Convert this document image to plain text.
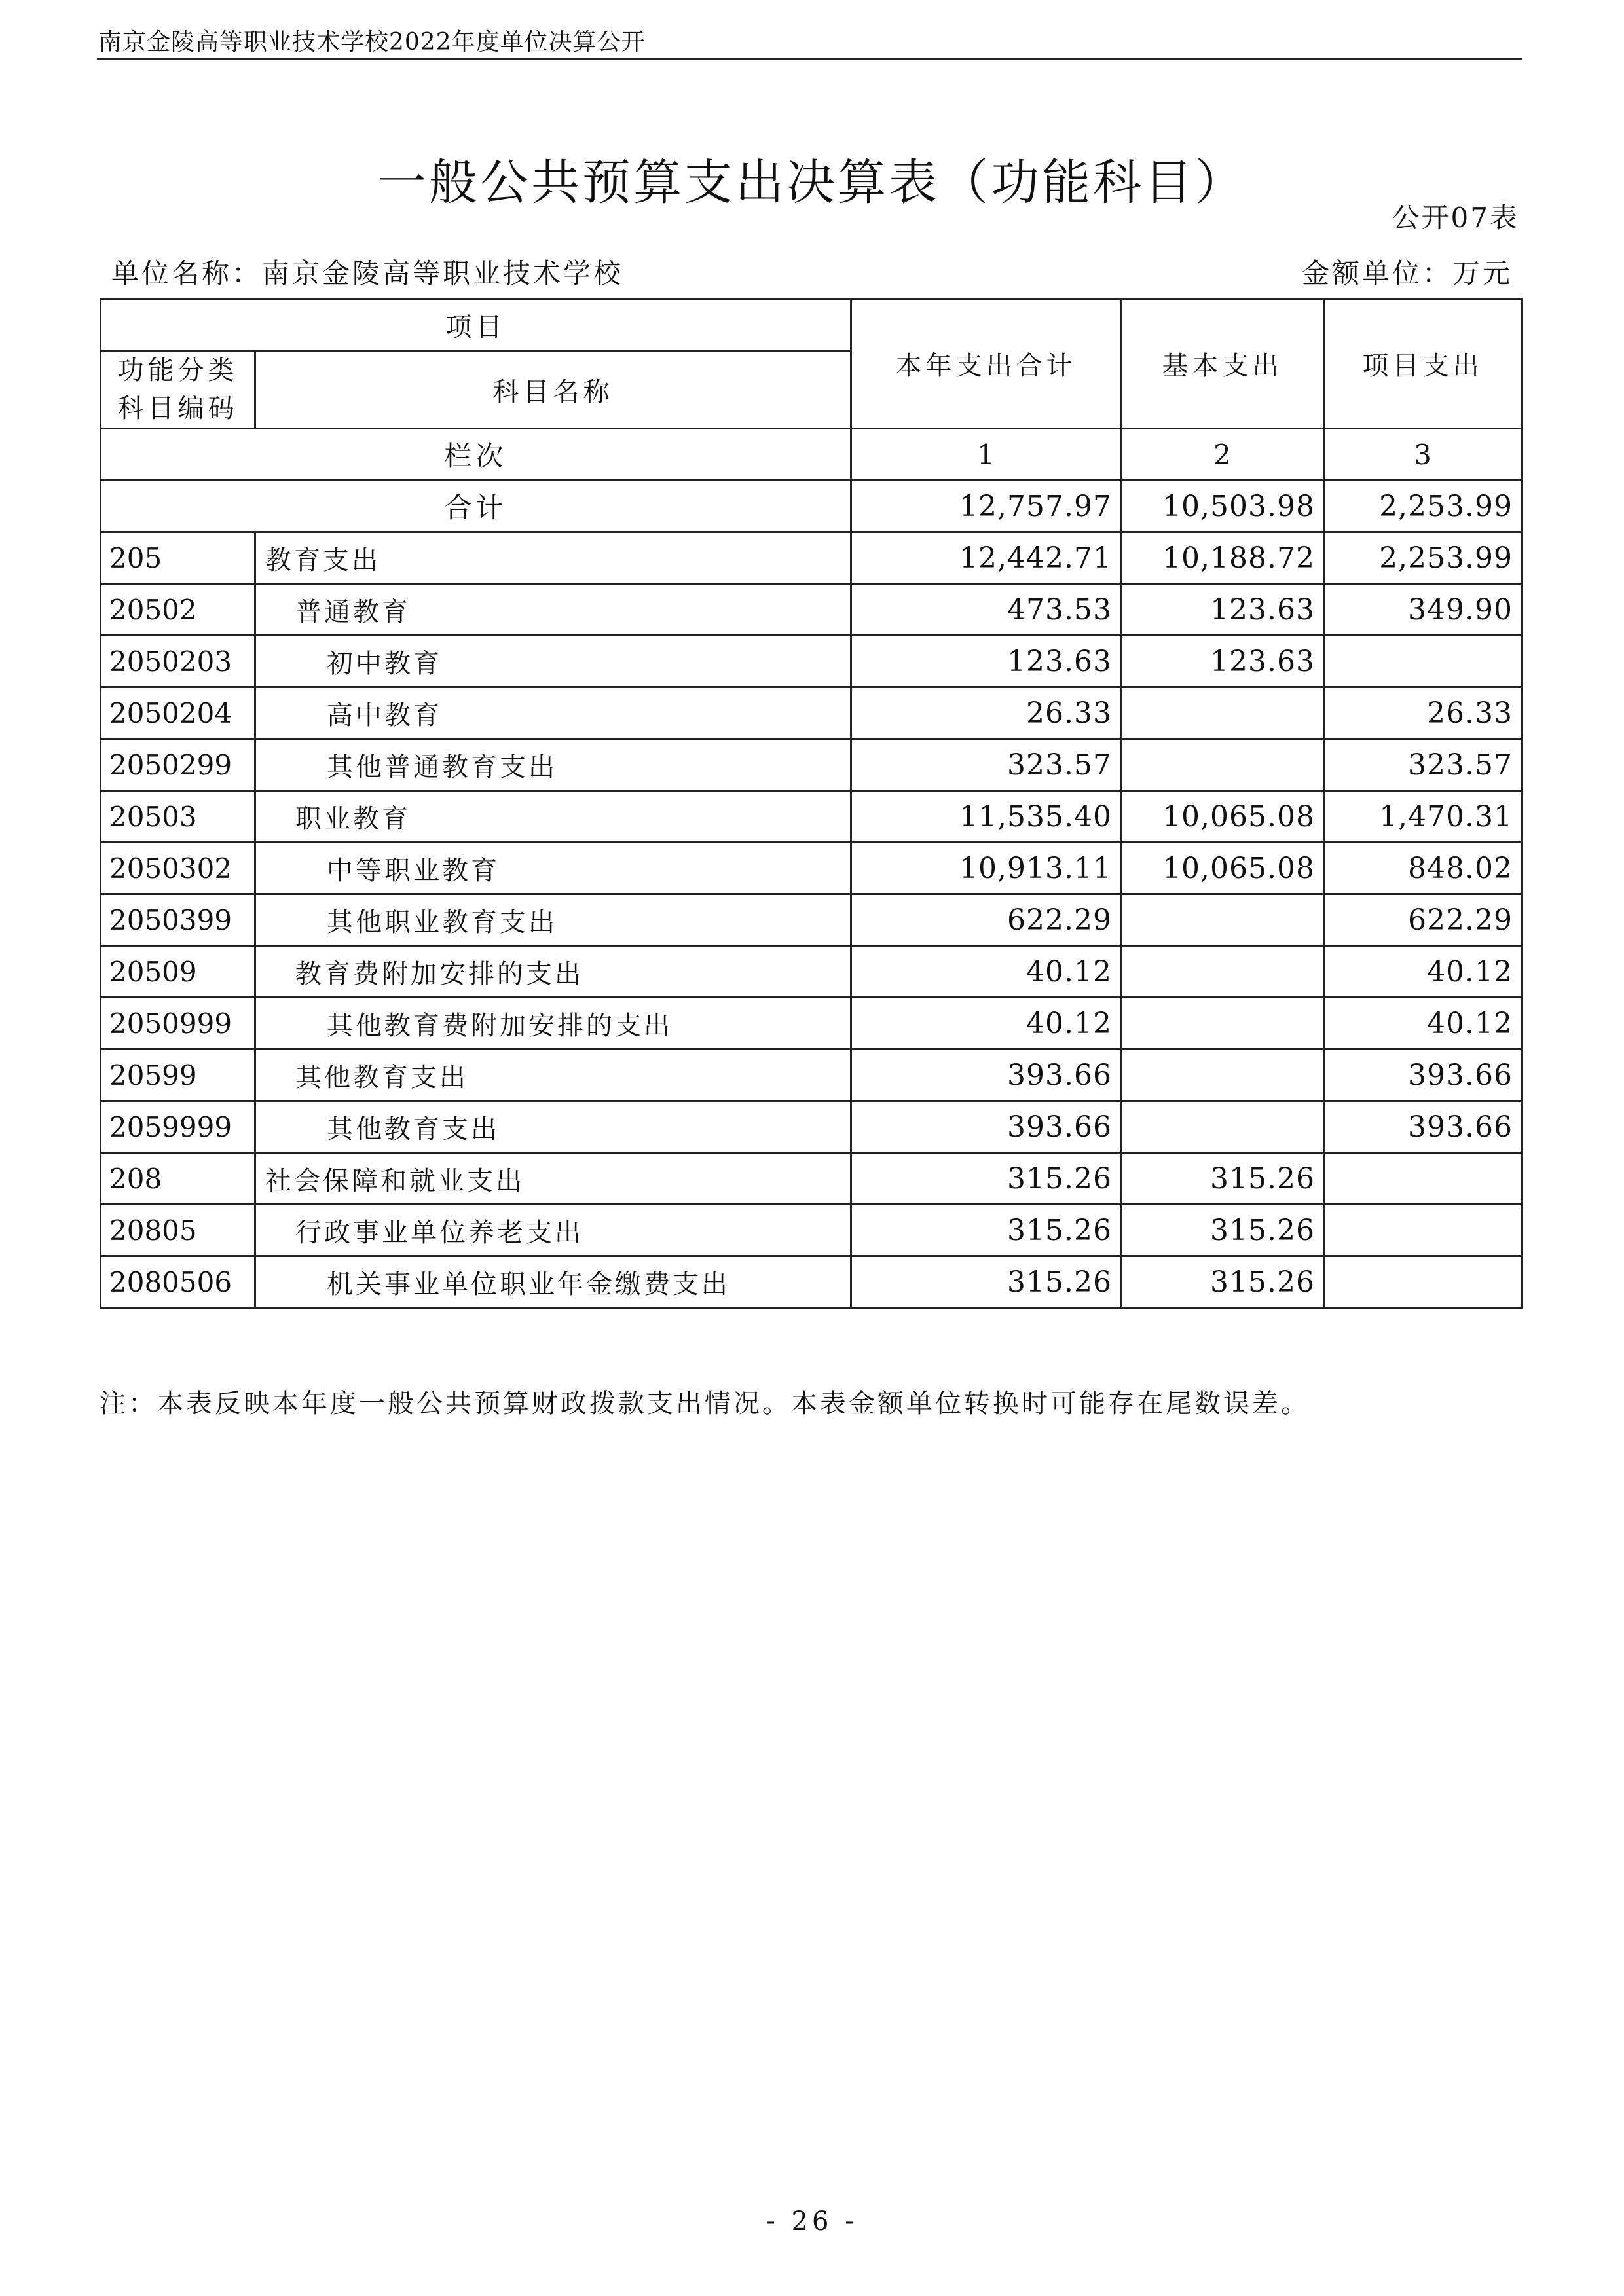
南京金陵高等职业技术学校2022年度单位决算公开
一般公共预算支出决算表（功能科目）
公开07表
单位名称：南京金陵高等职业技术学校	金额单位：万元
项目		本年支出合计	基本支出	项目支出
功能分类
科目编码	科目名称			
栏次		1	2	3
合计		12,757.97	10,503.98	2,253.99
205	教育支出	12,442.71	10,188.72	2,253.99
20502	普通教育	473.53	123.63	349.90
2050203	初中教育	123.63	123.63	
2050204	高中教育	26.33		26.33
2050299	其他普通教育支出	323.57		323.57
20503	职业教育	11,535.40	10,065.08	1,470.31
2050302	中等职业教育	10,913.11	10,065.08	848.02
2050399	其他职业教育支出	622.29		622.29
20509	教育费附加安排的支出	40.12		40.12
2050999	其他教育费附加安排的支出	40.12		40.12
20599	其他教育支出	393.66		393.66
2059999	其他教育支出	393.66		393.66
208	社会保障和就业支出	315.26	315.26	
20805	行政事业单位养老支出	315.26	315.26	
2080506	机关事业单位职业年金缴费支出	315.26	315.26	
注：本表反映本年度一般公共预算财政拨款支出情况。本表金额单位转换时可能存在尾数误差。
- 26 -
